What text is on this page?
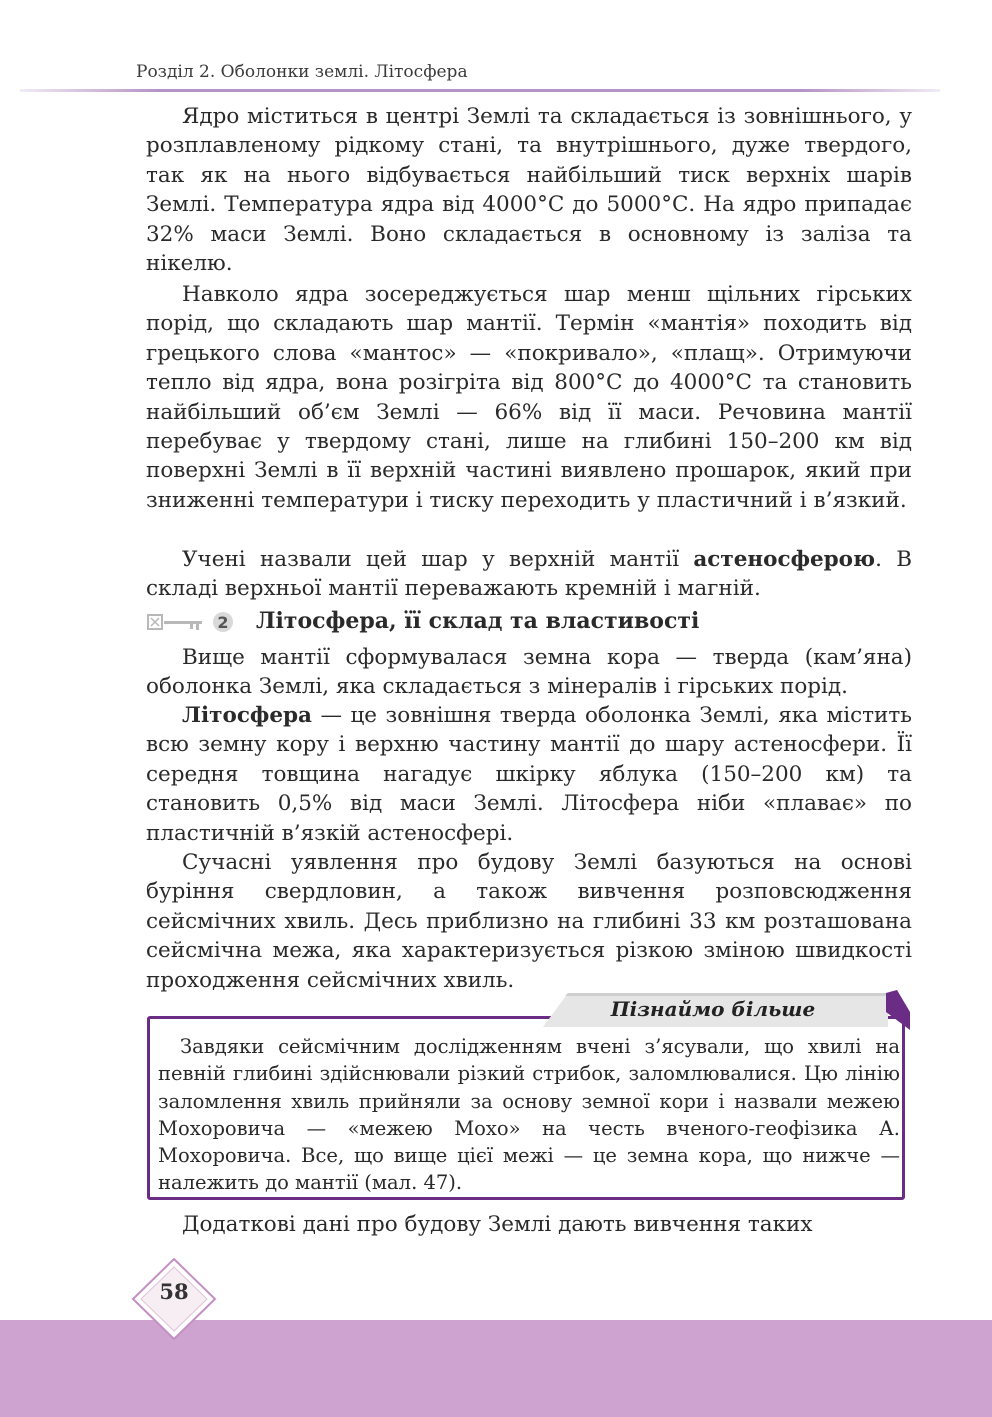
Розділ 2. Оболонки землі. Літосфера

Ядро міститься в центрі Землі та складається із зовнішнього, у розплавленому рідкому стані, та внутрішнього, дуже твердого, так як на нього відбувається найбільший тиск верхніх шарів Землі. Температура ядра від 4000°С до 5000°С. На ядро припадає 32% маси Землі. Воно складається в основному із заліза та нікелю.

Навколо ядра зосереджується шар менш щільних гірських порід, що складають шар мантії. Термін «мантія» походить від грецького слова «мантос» — «покривало», «плащ». Отримуючи тепло від ядра, вона розігріта від 800°С до 4000°С та становить найбільший об’єм Землі — 66% від її маси. Речовина мантії перебуває у твердому стані, лише на глибині 150–200 км від поверхні Землі в її верхній частині виявлено прошарок, який при зниженні температури і тиску переходить у пластичний і в’язкий.

Учені назвали цей шар у верхній мантії астеносферою. В складі верхньої мантії переважають кремній і магній.

2 Літосфера, її склад та властивості

Вище мантії сформувалася земна кора — тверда (кам’яна) оболонка Землі, яка складається з мінералів і гірських порід.

Літосфера — це зовнішня тверда оболонка Землі, яка містить всю земну кору і верхню частину мантії до шару астеносфери. Її середня товщина нагадує шкірку яблука (150–200 км) та становить 0,5% від маси Землі. Літосфера ніби «плаває» по пластичній в’язкій астеносфері.

Сучасні уявлення про будову Землі базуються на основі буріння свердловин, а також вивчення розповсюдження сейсмічних хвиль. Десь приблизно на глибині 33 км розташована сейсмічна межа, яка характеризується різкою зміною швидкості проходження сейсмічних хвиль.

Пізнаймо більше

Завдяки сейсмічним дослідженням вчені з’ясували, що хвилі на певній глибині здійснювали різкий стрибок, заломлювалися. Цю лінію заломлення хвиль прийняли за основу земної кори і назвали межею Мохоровича — «межею Мохо» на честь вченого-геофізика А. Мохоровича. Все, що вище цієї межі — це земна кора, що нижче — належить до мантії (мал. 47).

Додаткові дані про будову Землі дають вивчення таких

58
